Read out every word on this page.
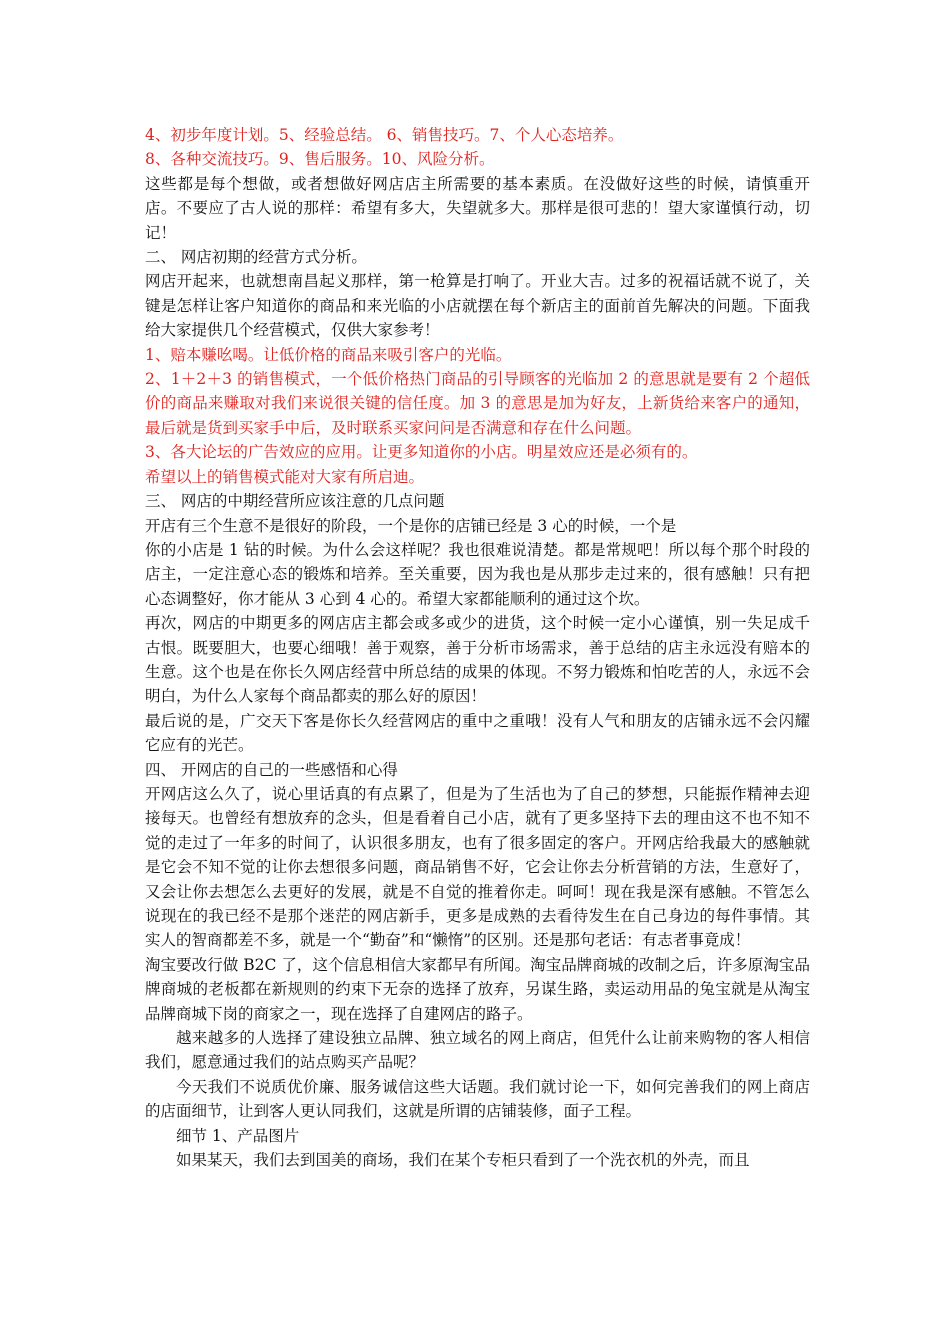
4、初步年度计划。5、经验总结。 6、销售技巧。7、个人心态培养。

8、各种交流技巧。9、售后服务。10、风险分析。

这些都是每个想做，或者想做好网店店主所需要的基本素质。在没做好这些的时候，请慎重开店。不要应了古人说的那样：希望有多大，失望就多大。那样是很可悲的！望大家谨慎行动，切记！

二、 网店初期的经营方式分析。

网店开起来，也就想南昌起义那样，第一枪算是打响了。开业大吉。过多的祝福话就不说了，关键是怎样让客户知道你的商品和来光临的小店就摆在每个新店主的面前首先解决的问题。下面我给大家提供几个经营模式，仅供大家参考！

1、赔本赚吆喝。让低价格的商品来吸引客户的光临。

2、1＋2＋3 的销售模式，一个低价格热门商品的引导顾客的光临加 2 的意思就是要有 2 个超低价的商品来赚取对我们来说很关键的信任度。加 3 的意思是加为好友，上新货给来客户的通知，最后就是货到买家手中后，及时联系买家问问是否满意和存在什么问题。

3、各大论坛的广告效应的应用。让更多知道你的小店。明星效应还是必须有的。

希望以上的销售模式能对大家有所启迪。

三、 网店的中期经营所应该注意的几点问题

开店有三个生意不是很好的阶段，一个是你的店铺已经是 3 心的时候，一个是

你的小店是 1 钻的时候。为什么会这样呢？我也很难说清楚。都是常规吧！所以每个那个时段的店主，一定注意心态的锻炼和培养。至关重要，因为我也是从那步走过来的，很有感触！只有把心态调整好，你才能从 3 心到 4 心的。希望大家都能顺利的通过这个坎。

再次，网店的中期更多的网店店主都会或多或少的进货，这个时候一定小心谨慎，别一失足成千古恨。既要胆大，也要心细哦！善于观察，善于分析市场需求，善于总结的店主永远没有赔本的生意。这个也是在你长久网店经营中所总结的成果的体现。不努力锻炼和怕吃苦的人，永远不会明白，为什么人家每个商品都卖的那么好的原因！

最后说的是，广交天下客是你长久经营网店的重中之重哦！没有人气和朋友的店铺永远不会闪耀它应有的光芒。

四、 开网店的自己的一些感悟和心得

开网店这么久了，说心里话真的有点累了，但是为了生活也为了自己的梦想，只能振作精神去迎接每天。也曾经有想放弃的念头，但是看着自己小店，就有了更多坚持下去的理由这不也不知不觉的走过了一年多的时间了，认识很多朋友，也有了很多固定的客户。开网店给我最大的感触就是它会不知不觉的让你去想很多问题，商品销售不好，它会让你去分析营销的方法，生意好了，又会让你去想怎么去更好的发展，就是不自觉的推着你走。呵呵！现在我是深有感触。不管怎么说现在的我已经不是那个迷茫的网店新手，更多是成熟的去看待发生在自己身边的每件事情。其实人的智商都差不多，就是一个“勤奋”和“懒惰”的区别。还是那句老话：有志者事竟成！

淘宝要改行做 B2C 了，这个信息相信大家都早有所闻。淘宝品牌商城的改制之后，许多原淘宝品牌商城的老板都在新规则的约束下无奈的选择了放弃，另谋生路，卖运动用品的兔宝就是从淘宝品牌商城下岗的商家之一，现在选择了自建网店的路子。

越来越多的人选择了建设独立品牌、独立域名的网上商店，但凭什么让前来购物的客人相信我们，愿意通过我们的站点购买产品呢？

今天我们不说质优价廉、服务诚信这些大话题。我们就讨论一下，如何完善我们的网上商店的店面细节，让到客人更认同我们，这就是所谓的店铺装修，面子工程。

细节 1、产品图片

如果某天，我们去到国美的商场，我们在某个专柜只看到了一个洗衣机的外壳，而且
